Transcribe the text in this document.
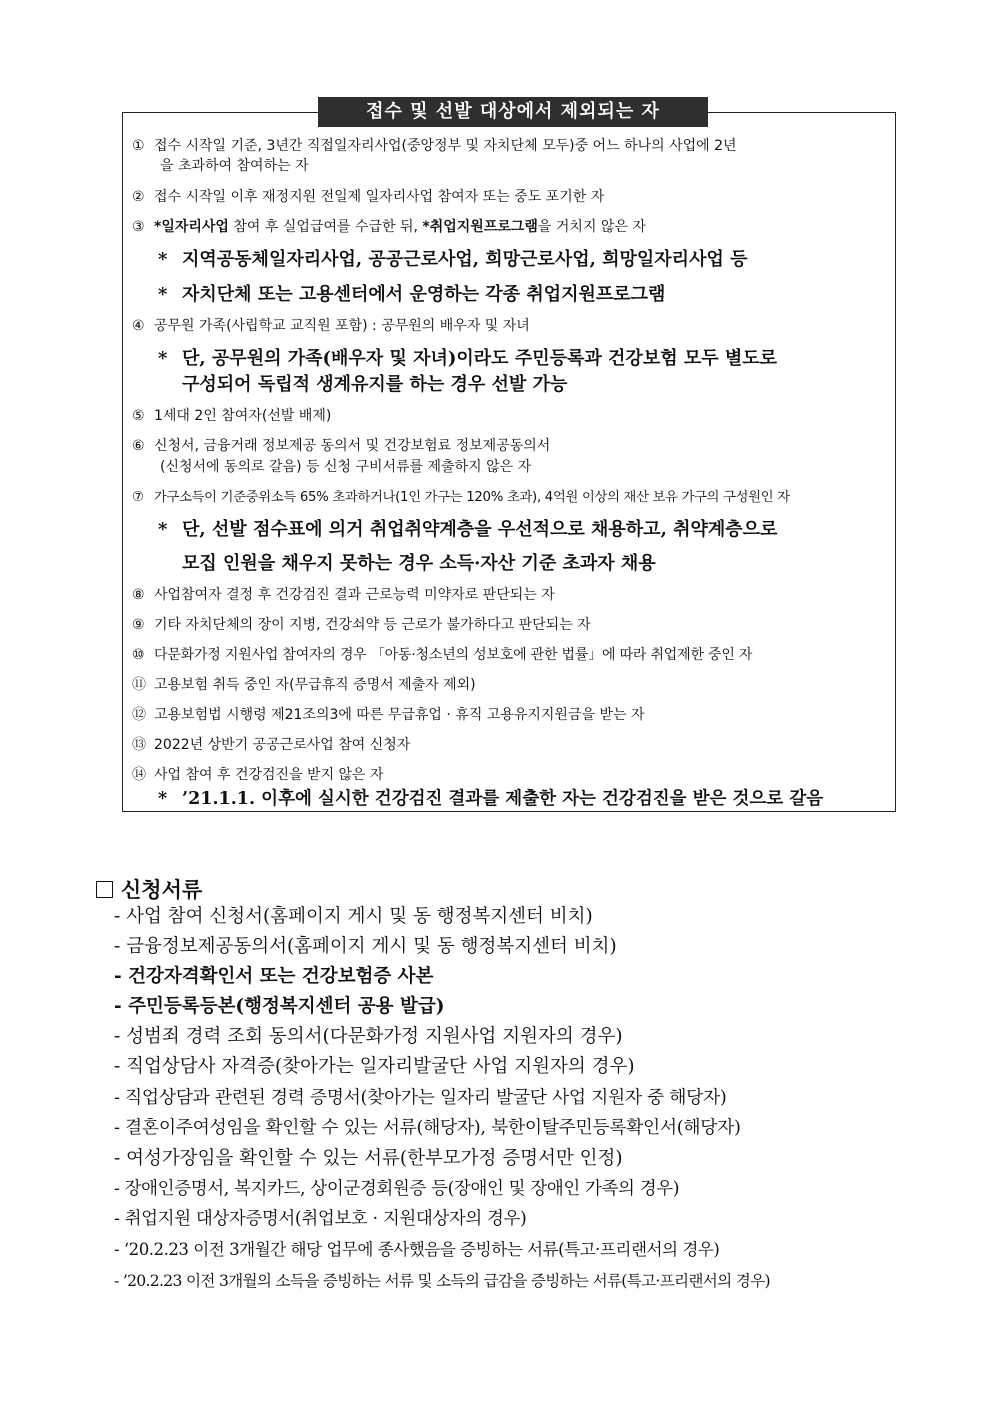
접수 및 선발 대상에서 제외되는 자
① 접수 시작일 기준, 3년간 직접일자리사업(중앙정부 및 자치단체 모두)중 어느 하나의 사업에 2년
을 초과하여 참여하는 자
② 접수 시작일 이후 재정지원 전일제 일자리사업 참여자 또는 중도 포기한 자
③ *일자리사업 참여 후 실업급여를 수급한 뒤, *취업지원프로그램을 거치지 않은 자
* 지역공동체일자리사업, 공공근로사업, 희망근로사업, 희망일자리사업 등
* 자치단체 또는 고용센터에서 운영하는 각종 취업지원프로그램
④ 공무원 가족(사립학교 교직원 포함) : 공무원의 배우자 및 자녀
* 단, 공무원의 가족(배우자 및 자녀)이라도 주민등록과 건강보험 모두 별도로
구성되어 독립적 생계유지를 하는 경우 선발 가능
⑤ 1세대 2인 참여자(선발 배제)
⑥ 신청서, 금융거래 정보제공 동의서 및 건강보험료 정보제공동의서
(신청서에 동의로 갈음) 등 신청 구비서류를 제출하지 않은 자
⑦ 가구소득이 기준중위소득 65% 초과하거나(1인 가구는 120% 초과), 4억원 이상의 재산 보유 가구의 구성원인 자
* 단, 선발 점수표에 의거 취업취약계층을 우선적으로 채용하고, 취약계층으로
모집 인원을 채우지 못하는 경우 소득·자산 기준 초과자 채용
⑧ 사업참여자 결정 후 건강검진 결과 근로능력 미약자로 판단되는 자
⑨ 기타 자치단체의 장이 지병, 건강쇠약 등 근로가 불가하다고 판단되는 자
⑩ 다문화가정 지원사업 참여자의 경우 「아동·청소년의 성보호에 관한 법률」에 따라 취업제한 중인 자
⑪ 고용보험 취득 중인 자(무급휴직 증명서 제출자 제외)
⑫ 고용보험법 시행령 제21조의3에 따른 무급휴업 · 휴직 고용유지지원금을 받는 자
⑬ 2022년 상반기 공공근로사업 참여 신청자
⑭ 사업 참여 후 건강검진을 받지 않은 자
* ’21.1.1. 이후에 실시한 건강검진 결과를 제출한 자는 건강검진을 받은 것으로 갈음
신청서류
- 사업 참여 신청서(홈페이지 게시 및 동 행정복지센터 비치)
- 금융정보제공동의서(홈페이지 게시 및 동 행정복지센터 비치)
- 건강자격확인서 또는 건강보험증 사본
- 주민등록등본(행정복지센터 공용 발급)
- 성범죄 경력 조회 동의서(다문화가정 지원사업 지원자의 경우)
- 직업상담사 자격증(찾아가는 일자리발굴단 사업 지원자의 경우)
- 직업상담과 관련된 경력 증명서(찾아가는 일자리 발굴단 사업 지원자 중 해당자)
- 결혼이주여성임을 확인할 수 있는 서류(해당자), 북한이탈주민등록확인서(해당자)
- 여성가장임을 확인할 수 있는 서류(한부모가정 증명서만 인정)
- 장애인증명서, 복지카드, 상이군경회원증 등(장애인 및 장애인 가족의 경우)
- 취업지원 대상자증명서(취업보호 · 지원대상자의 경우)
- ‘20.2.23 이전 3개월간 해당 업무에 종사했음을 증빙하는 서류(특고·프리랜서의 경우)
- ’20.2.23 이전 3개월의 소득을 증빙하는 서류 및 소득의 급감을 증빙하는 서류(특고·프리랜서의 경우)
